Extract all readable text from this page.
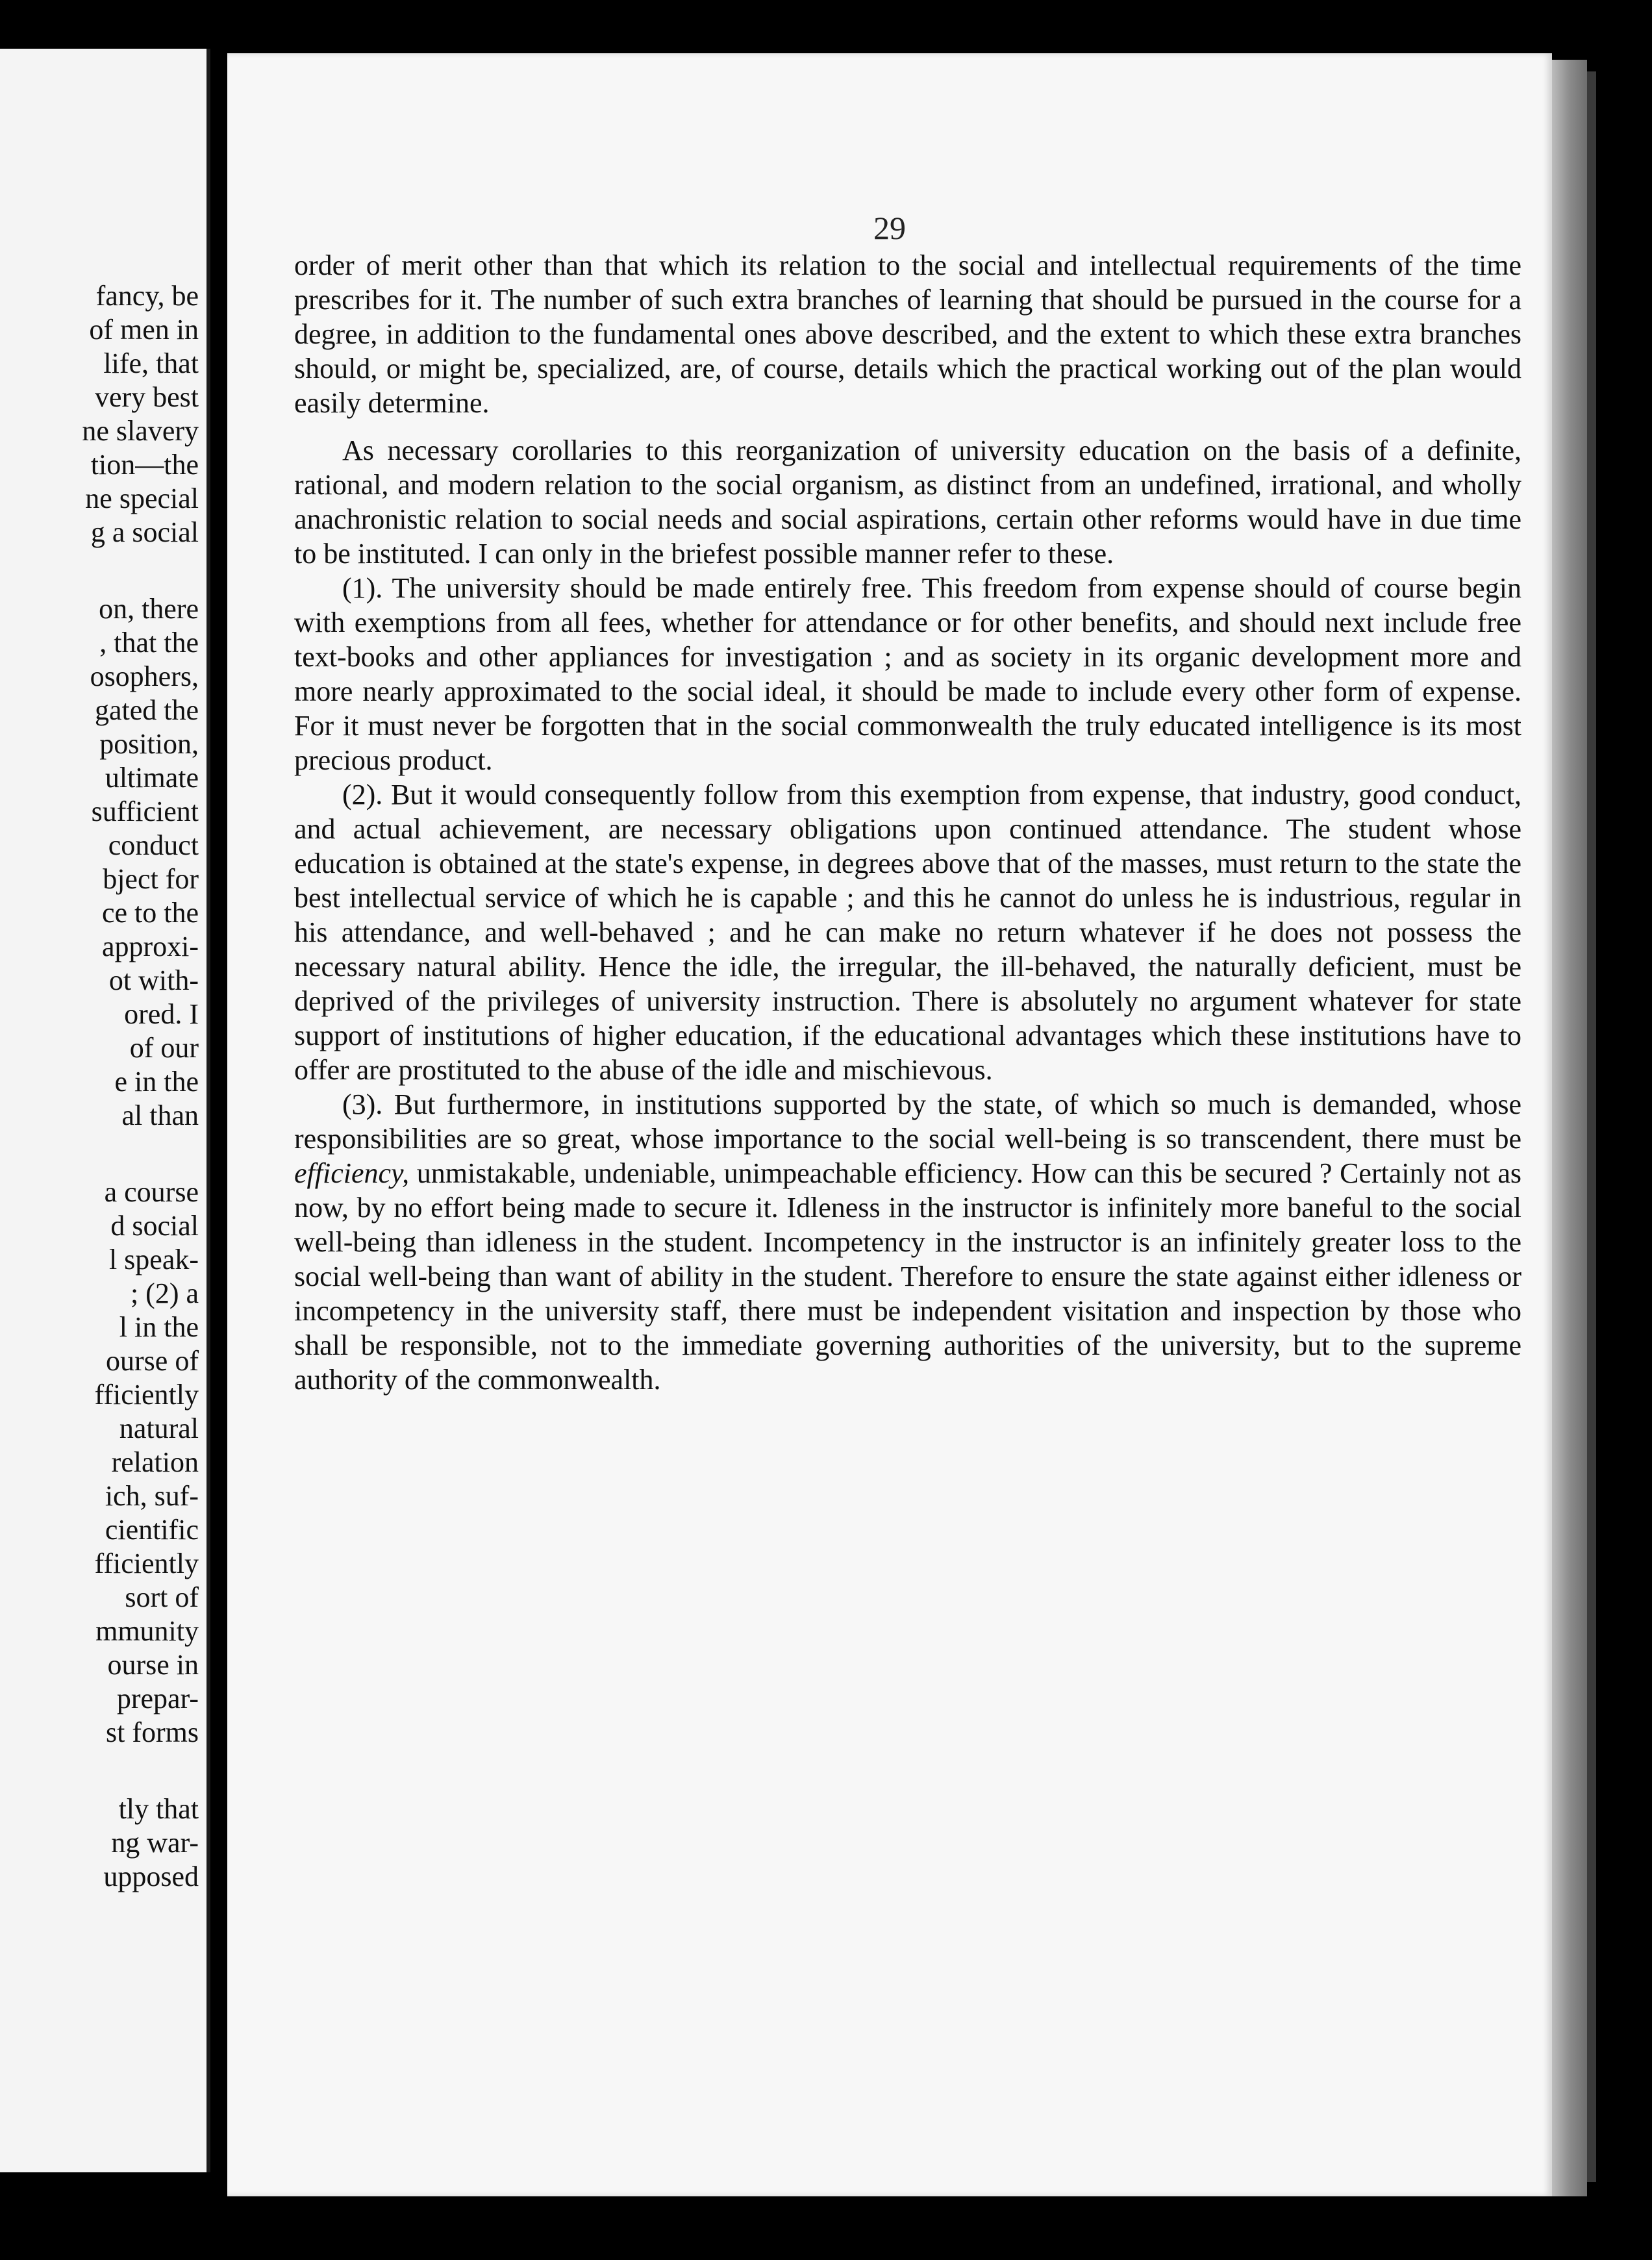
fancy, be
of men in
life, that
very best
ne slavery
tion—the
ne special
g a social
on, there
, that the
osophers,
gated the
position,
ultimate
sufficient
conduct
bject for
ce to the
approxi-
ot with-
ored. I
of our
e in the
al than
a course
d social
l speak-
; (2) a
l in the
ourse of
fficiently
natural
relation
ich, suf-
cientific
fficiently
sort of
mmunity
ourse in
prepar-
st forms
tly that
ng war-
upposed
29

order of merit other than that which its relation to the social and intellectual requirements of the time prescribes for it. The number of such extra branches of learning that should be pursued in the course for a degree, in addition to the fundamental ones above described, and the extent to which these extra branches should, or might be, specialized, are, of course, details which the practical working out of the plan would easily determine.

As necessary corollaries to this reorganization of university education on the basis of a definite, rational, and modern relation to the social organism, as distinct from an undefined, irrational, and wholly anachronistic relation to social needs and social aspirations, certain other reforms would have in due time to be instituted. I can only in the briefest possible manner refer to these.

(1). The university should be made entirely free. This freedom from expense should of course begin with exemptions from all fees, whether for attendance or for other benefits, and should next include free text-books and other appliances for investigation ; and as society in its organic development more and more nearly approximated to the social ideal, it should be made to include every other form of expense. For it must never be forgotten that in the social commonwealth the truly educated intelligence is its most precious product.

(2). But it would consequently follow from this exemption from expense, that industry, good conduct, and actual achievement, are necessary obligations upon continued attendance. The student whose education is obtained at the state's expense, in degrees above that of the masses, must return to the state the best intellectual service of which he is capable ; and this he cannot do unless he is industrious, regular in his attendance, and well-behaved ; and he can make no return whatever if he does not possess the necessary natural ability. Hence the idle, the irregular, the ill-behaved, the naturally deficient, must be deprived of the privileges of university instruction. There is absolutely no argument whatever for state support of institutions of higher education, if the educational advantages which these institutions have to offer are prostituted to the abuse of the idle and mischievous.

(3). But furthermore, in institutions supported by the state, of which so much is demanded, whose responsibilities are so great, whose importance to the social well-being is so transcendent, there must be efficiency, unmistakable, undeniable, unimpeachable efficiency. How can this be secured ? Certainly not as now, by no effort being made to secure it. Idleness in the instructor is infinitely more baneful to the social well-being than idleness in the student. Incompetency in the instructor is an infinitely greater loss to the social well-being than want of ability in the student. Therefore to ensure the state against either idleness or incompetency in the university staff, there must be independent visitation and inspection by those who shall be responsible, not to the immediate governing authorities of the university, but to the supreme authority of the commonwealth.
